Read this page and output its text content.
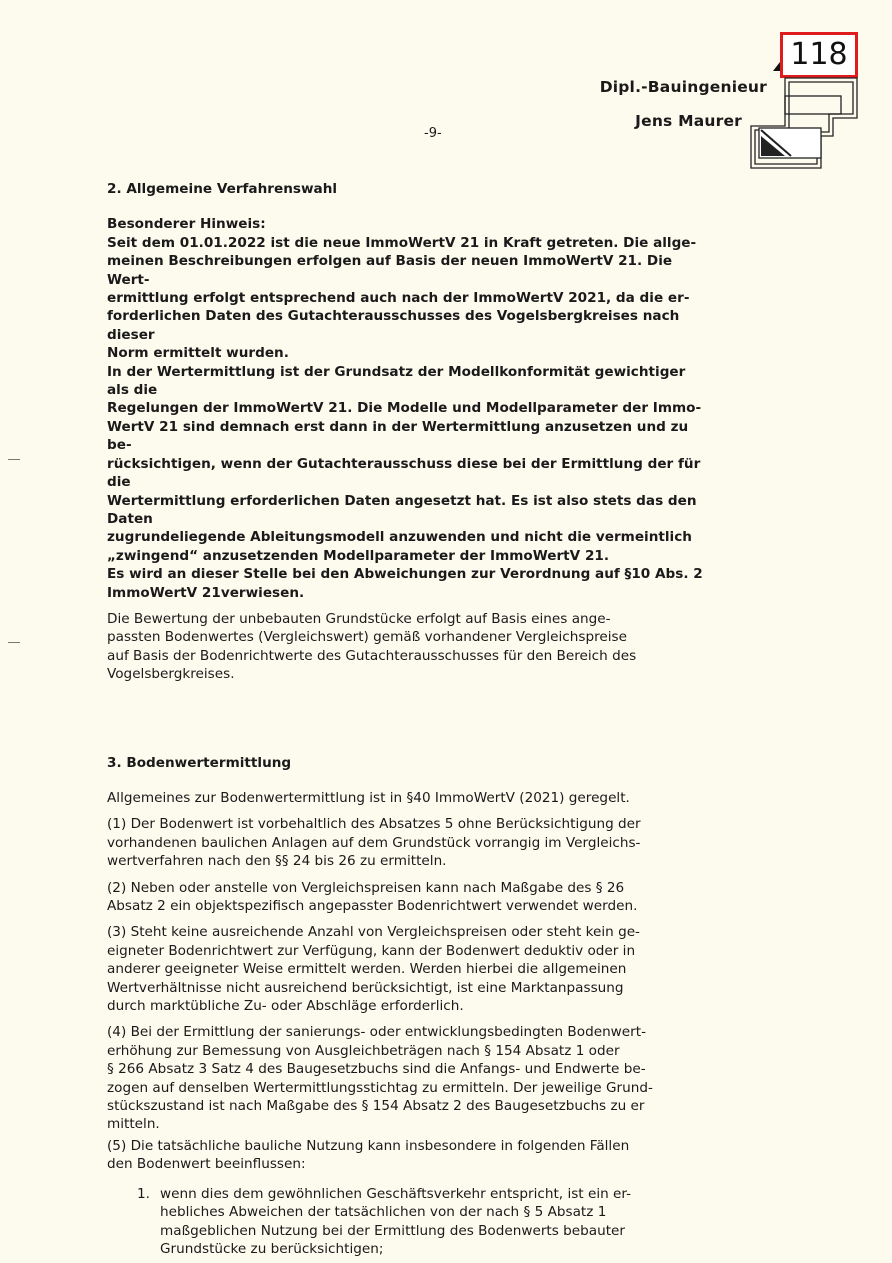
118
Dipl.-Bauingenieur
Jens Maurer
-9-

2. Allgemeine Verfahrenswahl

Besonderer Hinweis:

Seit dem 01.01.2022 ist die neue ImmoWertV 21 in Kraft getreten. Die allge-
meinen Beschreibungen erfolgen auf Basis der neuen ImmoWertV 21. Die Wert-
ermittlung erfolgt entsprechend auch nach der ImmoWertV 2021, da die er-
forderlichen Daten des Gutachterausschusses des Vogelsbergkreises nach dieser
Norm ermittelt wurden.
In der Wertermittlung ist der Grundsatz der Modellkonformität gewichtiger als die
Regelungen der ImmoWertV 21. Die Modelle und Modellparameter der Immo-
WertV 21 sind demnach erst dann in der Wertermittlung anzusetzen und zu be-
rücksichtigen, wenn der Gutachterausschuss diese bei der Ermittlung der für die
Wertermittlung erforderlichen Daten angesetzt hat. Es ist also stets das den Daten
zugrundeliegende Ableitungsmodell anzuwenden und nicht die vermeintlich
„zwingend“ anzusetzenden Modellparameter der ImmoWertV 21.
Es wird an dieser Stelle bei den Abweichungen zur Verordnung auf §10 Abs. 2
ImmoWertV 21verwiesen.
Die Bewertung der unbebauten Grundstücke erfolgt auf Basis eines ange-
passten Bodenwertes (Vergleichswert) gemäß vorhandener Vergleichspreise
auf Basis der Bodenrichtwerte des Gutachterausschusses für den Bereich des
Vogelsbergkreises.

3. Bodenwertermittlung

Allgemeines zur Bodenwertermittlung ist in §40 ImmoWertV (2021) geregelt.
(1) Der Bodenwert ist vorbehaltlich des Absatzes 5 ohne Berücksichtigung der
vorhandenen baulichen Anlagen auf dem Grundstück vorrangig im Vergleichs-
wertverfahren nach den §§ 24 bis 26 zu ermitteln.
(2) Neben oder anstelle von Vergleichspreisen kann nach Maßgabe des § 26
Absatz 2 ein objektspezifisch angepasster Bodenrichtwert verwendet werden.
(3) Steht keine ausreichende Anzahl von Vergleichspreisen oder steht kein ge-
eigneter Bodenrichtwert zur Verfügung, kann der Bodenwert deduktiv oder in
anderer geeigneter Weise ermittelt werden. Werden hierbei die allgemeinen
Wertverhältnisse nicht ausreichend berücksichtigt, ist eine Marktanpassung
durch marktübliche Zu- oder Abschläge erforderlich.
(4) Bei der Ermittlung der sanierungs- oder entwicklungsbedingten Bodenwert-
erhöhung zur Bemessung von Ausgleichbeträgen nach § 154 Absatz 1 oder
§ 266 Absatz 3 Satz 4 des Baugesetzbuchs sind die Anfangs- und Endwerte be-
zogen auf denselben Wertermittlungsstichtag zu ermitteln. Der jeweilige Grund-
stückszustand ist nach Maßgabe des § 154 Absatz 2 des Baugesetzbuchs zu er
mitteln.
(5) Die tatsächliche bauliche Nutzung kann insbesondere in folgenden Fällen
den Bodenwert beeinflussen:
1. wenn dies dem gewöhnlichen Geschäftsverkehr entspricht, ist ein er-
hebliches Abweichen der tatsächlichen von der nach § 5 Absatz 1
maßgeblichen Nutzung bei der Ermittlung des Bodenwerts bebauter
Grundstücke zu berücksichtigen;
